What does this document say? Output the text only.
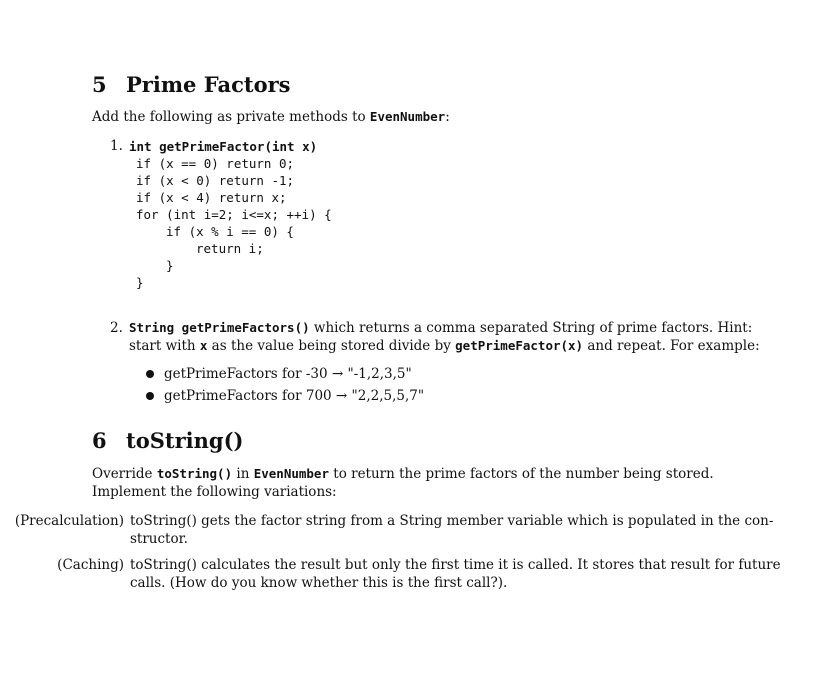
5 Prime Factors
Add the following as private methods to EvenNumber:
1. int getPrimeFactor(int x)
if (x == 0) return 0;
if (x < 0) return -1;
if (x < 4) return x;
for (int i=2; i<=x; ++i) {
if (x % i == 0) {
return i;
}
}
2. String getPrimeFactors() which returns a comma separated String of prime factors. Hint:
start with x as the value being stored divide by getPrimeFactor(x) and repeat. For example:
getPrimeFactors for -30 → "-1,2,3,5"
getPrimeFactors for 700 → "2,2,5,5,7"
6 toString()
Override toString() in EvenNumber to return the prime factors of the number being stored.
Implement the following variations:
(Precalculation) toString() gets the factor string from a String member variable which is populated in the con-
structor.
(Caching) toString() calculates the result but only the first time it is called. It stores that result for future
calls. (How do you know whether this is the first call?).
